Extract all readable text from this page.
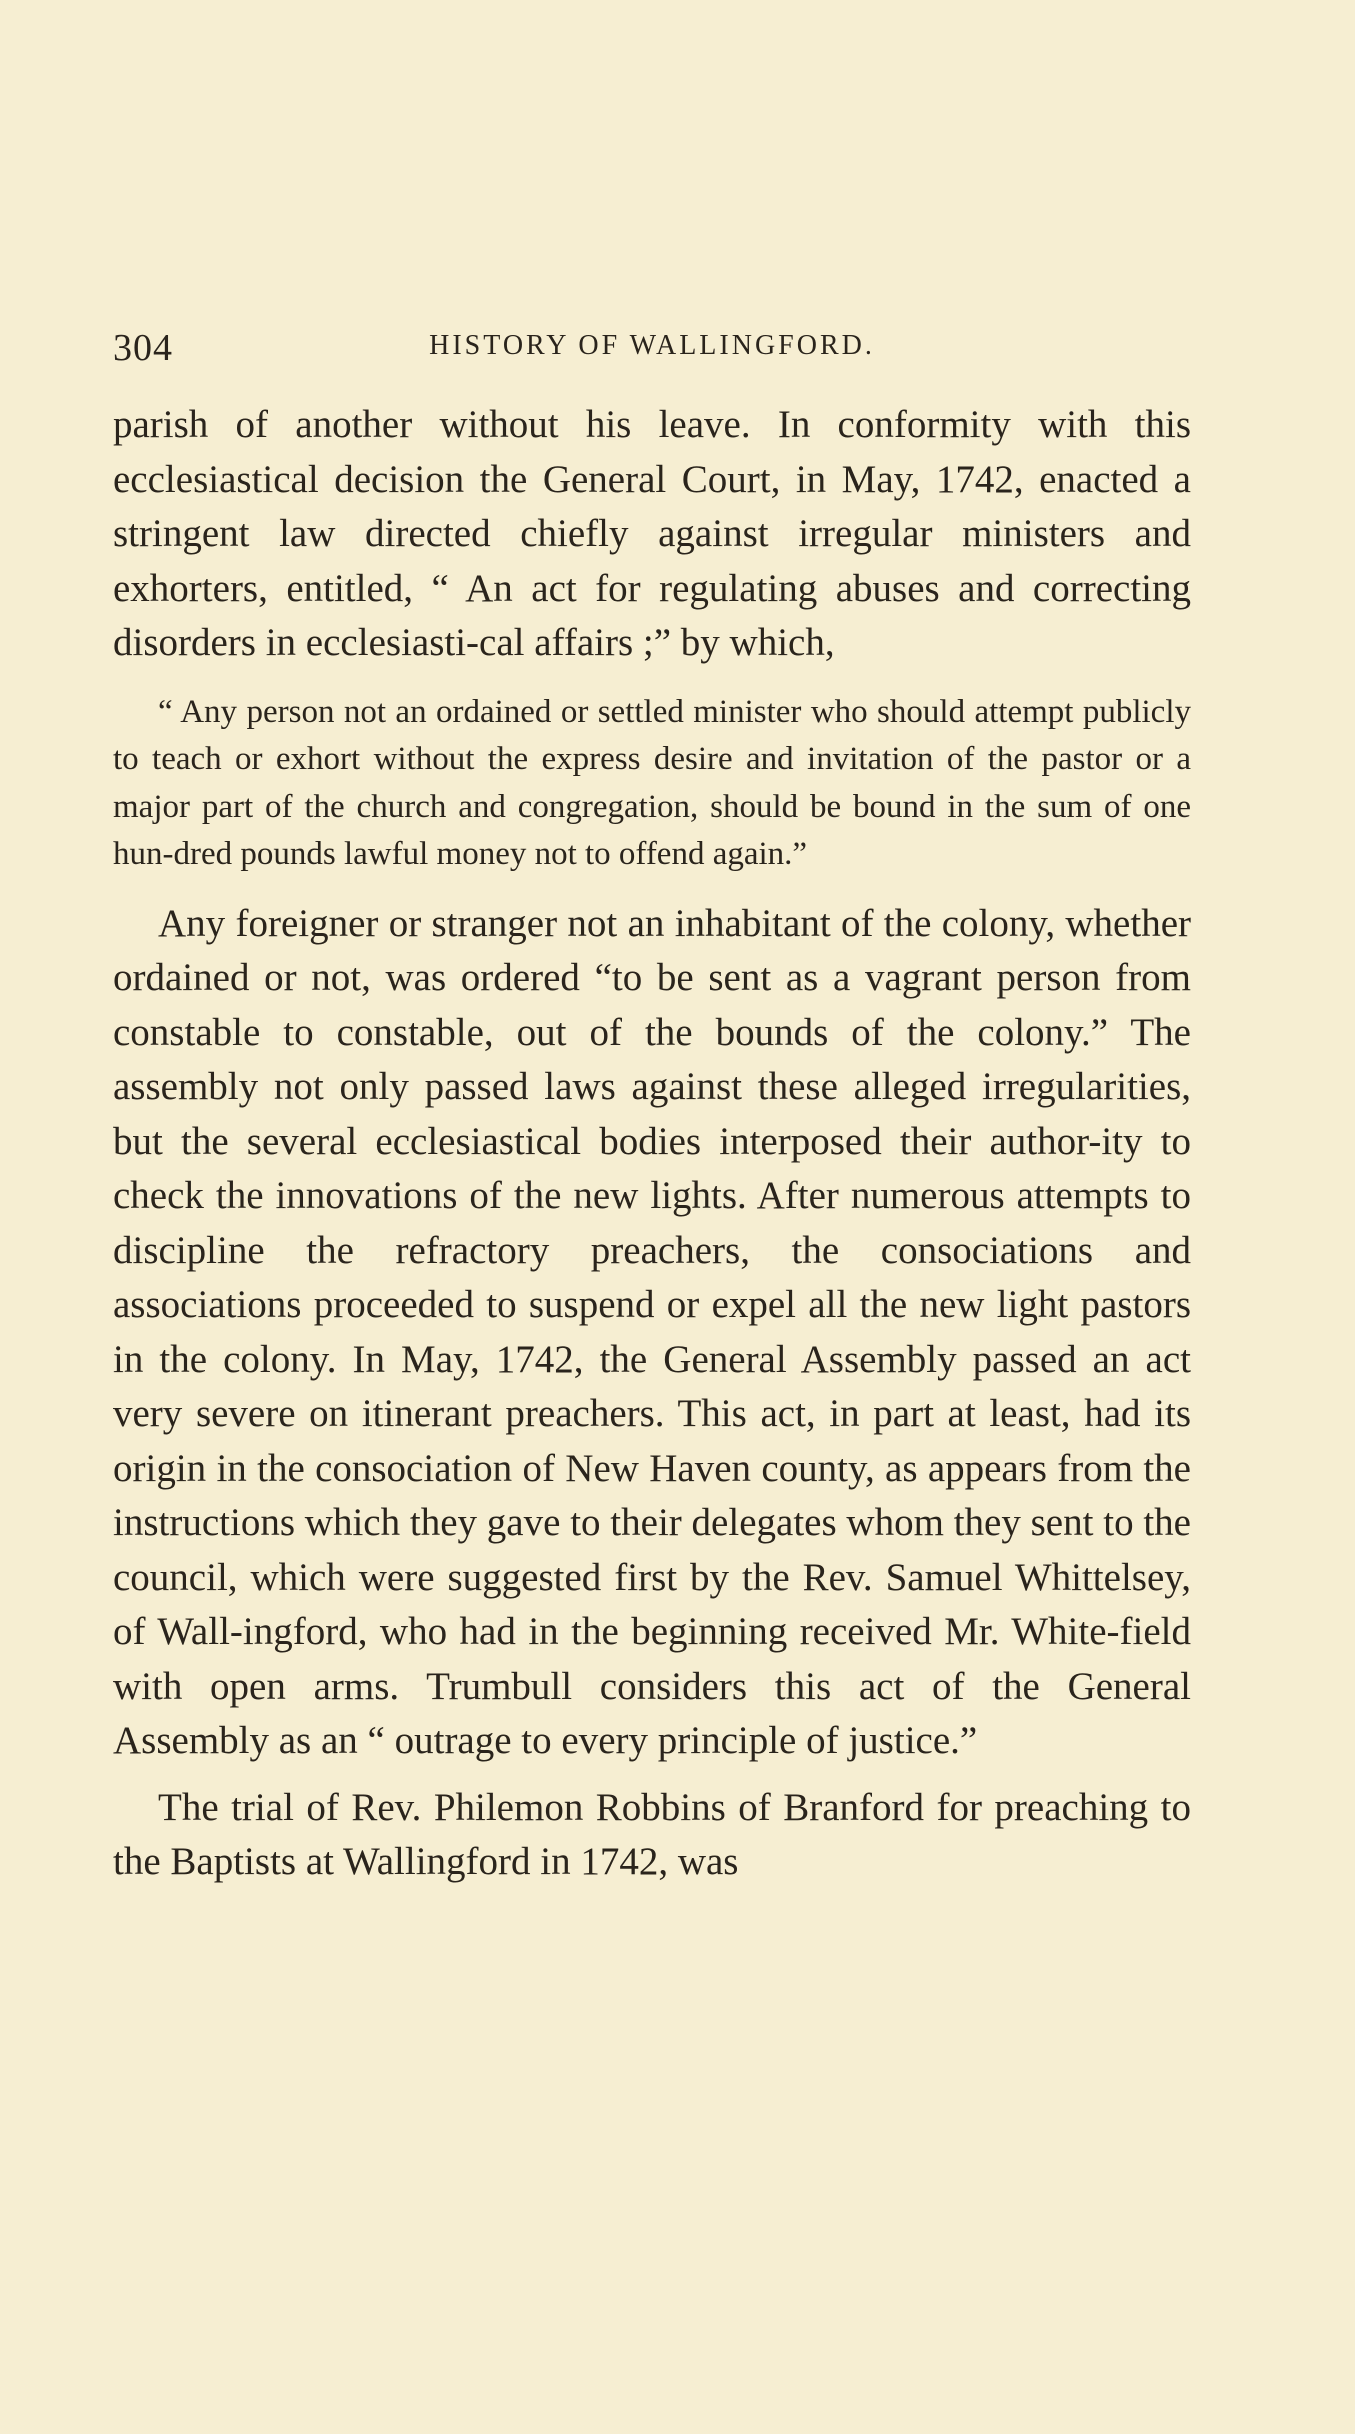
304	HISTORY OF WALLINGFORD.

parish of another without his leave. In conformity with this ecclesiastical decision the General Court, in May, 1742, enacted a stringent law directed chiefly against irregular ministers and exhorters, entitled, “ An act for regulating abuses and correcting disorders in ecclesiasti-cal affairs ;” by which,

“ Any person not an ordained or settled minister who should attempt publicly to teach or exhort without the express desire and invitation of the pastor or a major part of the church and congregation, should be bound in the sum of one hun-dred pounds lawful money not to offend again.”

Any foreigner or stranger not an inhabitant of the colony, whether ordained or not, was ordered “to be sent as a vagrant person from constable to constable, out of the bounds of the colony.” The assembly not only passed laws against these alleged irregularities, but the several ecclesiastical bodies interposed their author-ity to check the innovations of the new lights. After numerous attempts to discipline the refractory preachers, the consociations and associations proceeded to suspend or expel all the new light pastors in the colony. In May, 1742, the General Assembly passed an act very severe on itinerant preachers. This act, in part at least, had its origin in the consociation of New Haven county, as appears from the instructions which they gave to their delegates whom they sent to the council, which were suggested first by the Rev. Samuel Whittelsey, of Wall-ingford, who had in the beginning received Mr. White-field with open arms. Trumbull considers this act of the General Assembly as an “ outrage to every principle of justice.”

The trial of Rev. Philemon Robbins of Branford for preaching to the Baptists at Wallingford in 1742, was
